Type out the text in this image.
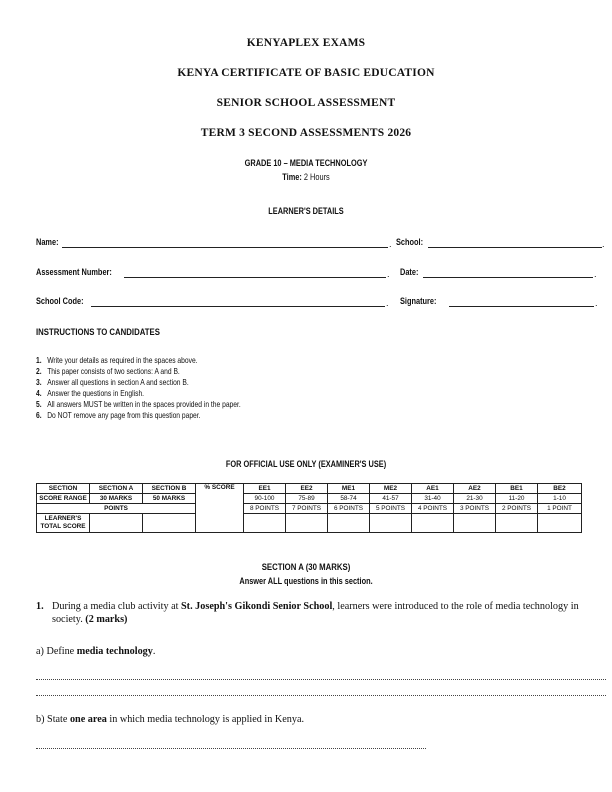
KENYAPLEX EXAMS
KENYA CERTIFICATE OF BASIC EDUCATION
SENIOR SCHOOL ASSESSMENT
TERM 3 SECOND ASSESSMENTS 2026
GRADE 10 – MEDIA TECHNOLOGY
Time: 2 Hours
LEARNER'S DETAILS
Name:	. School:	.
Assessment Number:	. Date:	.
School Code:	. Signature:	.
INSTRUCTIONS TO CANDIDATES
1. Write your details as required in the spaces above.
2. This paper consists of two sections: A and B.
3. Answer all questions in section A and section B.
4. Answer the questions in English.
5. All answers MUST be written in the spaces provided in the paper.
6. Do NOT remove any page from this question paper.
FOR OFFICIAL USE ONLY (EXAMINER'S USE)
SECTION	SECTION A	SECTION B	% SCORE	EE1	EE2	ME1	ME2	AE1	AE2	BE1	BE2
SCORE RANGE	30 MARKS	50 MARKS		90-100	75-89	58-74	41-57	31-40	21-30	11-20	1-10
POINTS				8 POINTS	7 POINTS	6 POINTS	5 POINTS	4 POINTS	3 POINTS	2 POINTS	1 POINT
LEARNER'S TOTAL SCORE											
SECTION A (30 MARKS)
Answer ALL questions in this section.
1. During a media club activity at St. Joseph's Gikondi Senior School, learners were introduced to the role of media technology in society. (2 marks)
a) Define media technology.
b) State one area in which media technology is applied in Kenya.
